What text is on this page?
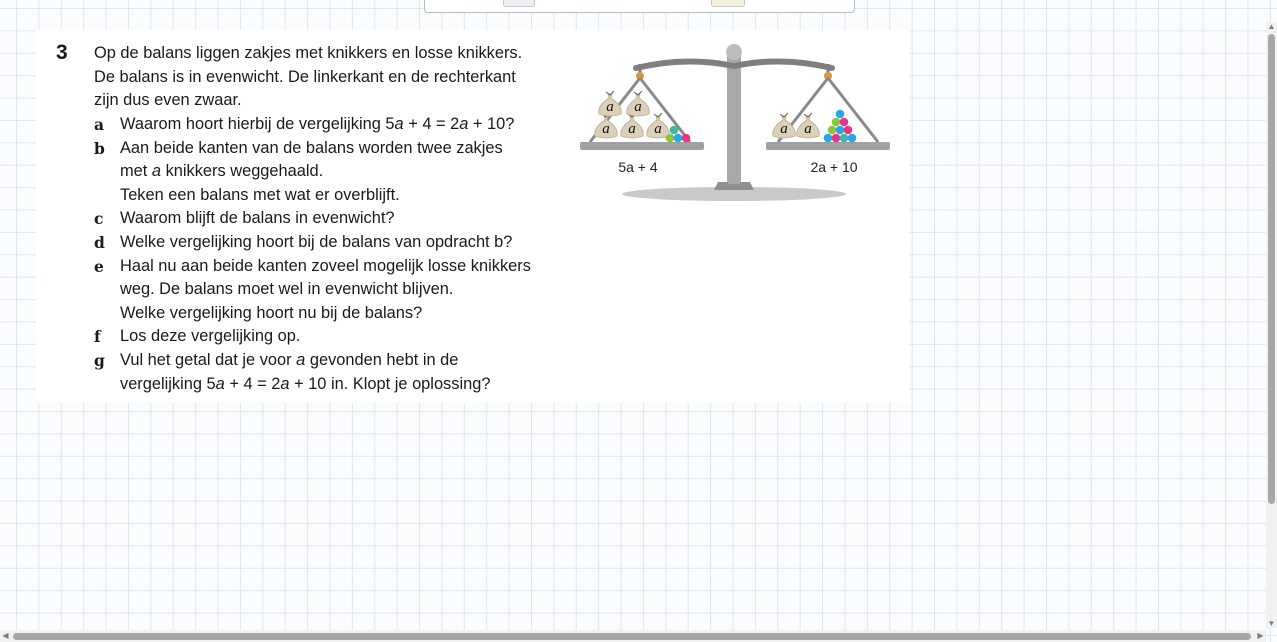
3 Op de balans liggen zakjes met knikkers en losse knikkers.
De balans is in evenwicht. De linkerkant en de rechterkant
zijn dus even zwaar.
a Waarom hoort hierbij de vergelijking 5a + 4 = 2a + 10?
b Aan beide kanten van de balans worden twee zakjes
met a knikkers weggehaald.
Teken een balans met wat er overblijft.
c Waarom blijft de balans in evenwicht?
d Welke vergelijking hoort bij de balans van opdracht b?
e Haal nu aan beide kanten zoveel mogelijk losse knikkers
weg. De balans moet wel in evenwicht blijven.
Welke vergelijking hoort nu bij de balans?
f Los deze vergelijking op.
g Vul het getal dat je voor a gevonden hebt in de
vergelijking 5a + 4 = 2a + 10 in. Klopt je oplossing?
a a a
a a
a a
5a + 4	2a + 10
▲
▼
◀	▶
